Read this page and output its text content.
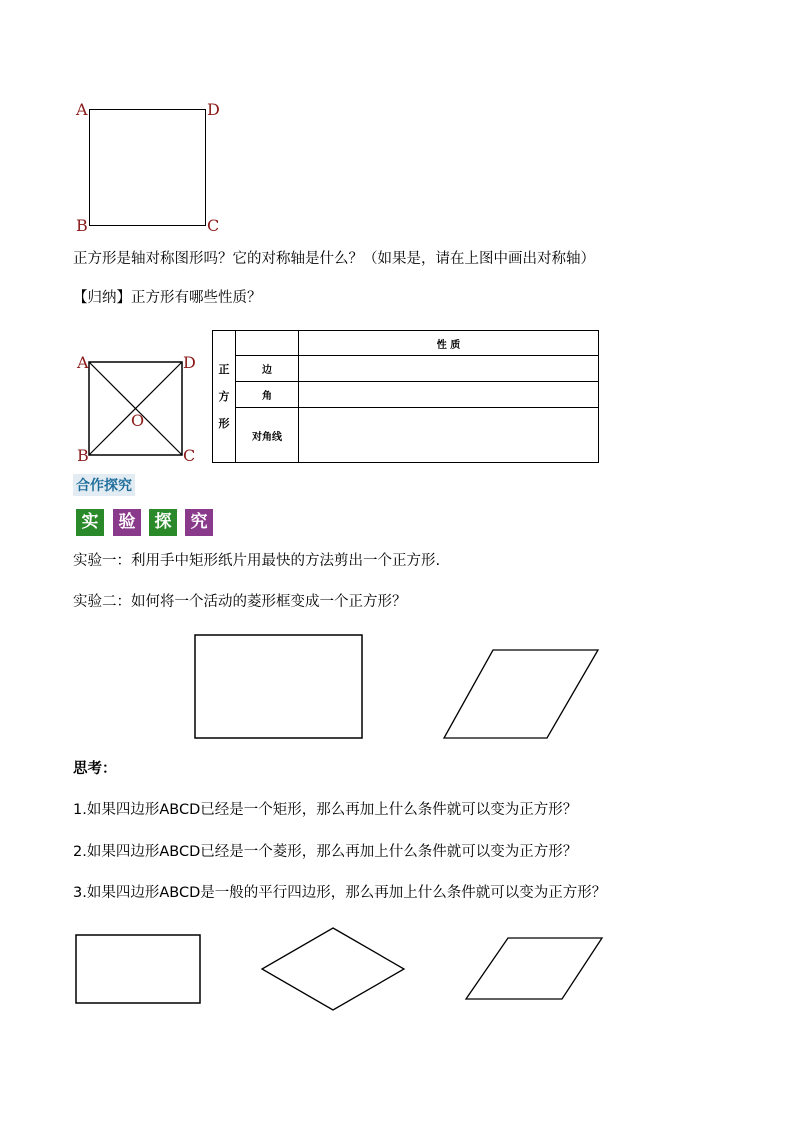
A	D
B	C
正方形是轴对称图形吗？它的对称轴是什么？（如果是，请在上图中画出对称轴）
【归纳】正方形有哪些性质？
A	D
B	C
O
正方形		性 质
	边	
	角	
	对角线	
合作探究
实	验	探	究
实验一：利用手中矩形纸片用最快的方法剪出一个正方形.
实验二：如何将一个活动的菱形框变成一个正方形？
思考：
1.如果四边形ABCD已经是一个矩形，那么再加上什么条件就可以变为正方形？
2.如果四边形ABCD已经是一个菱形，那么再加上什么条件就可以变为正方形？
3.如果四边形ABCD是一般的平行四边形，那么再加上什么条件就可以变为正方形？
